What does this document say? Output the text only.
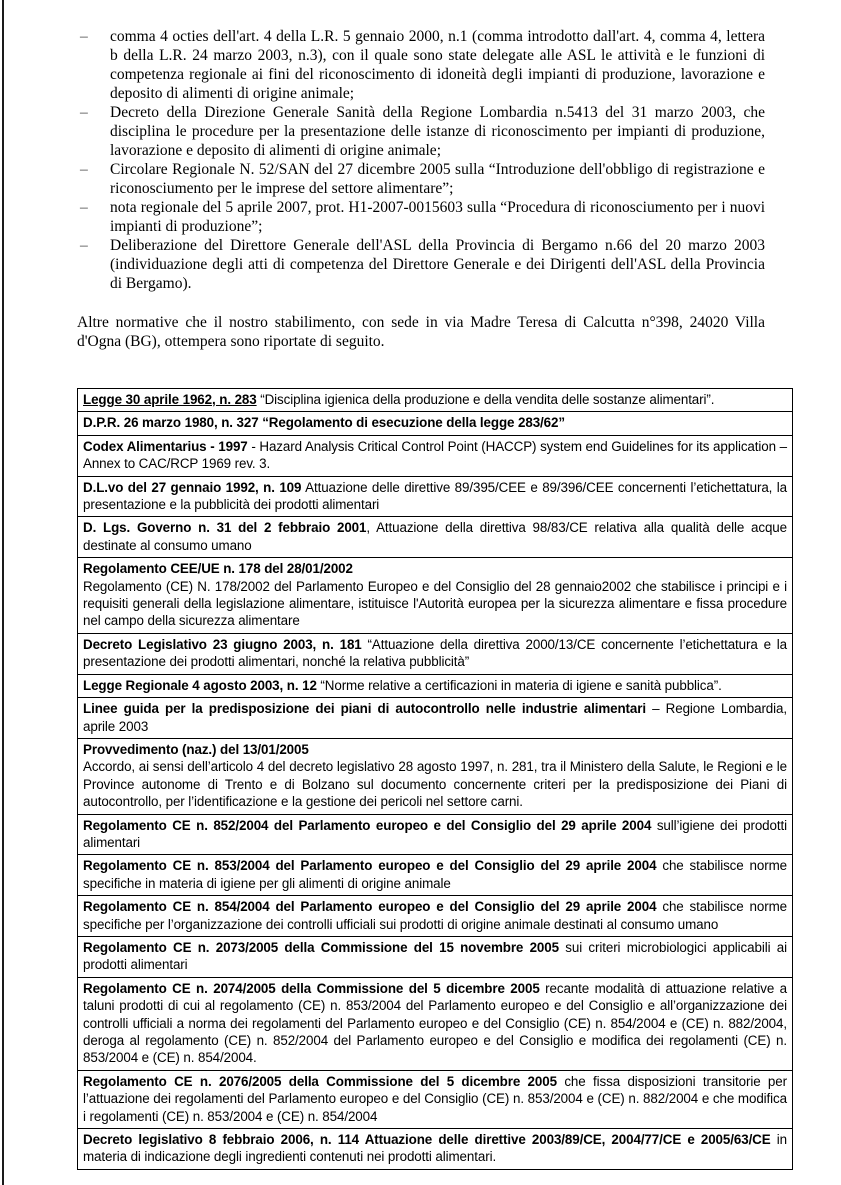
– comma 4 octies dell'art. 4 della L.R. 5 gennaio 2000, n.1 (comma introdotto dall'art. 4, comma 4, lettera b della L.R. 24 marzo 2003, n.3), con il quale sono state delegate alle ASL le attività e le funzioni di competenza regionale ai fini del riconoscimento di idoneità degli impianti di produzione, lavorazione e deposito di alimenti di origine animale;
– Decreto della Direzione Generale Sanità della Regione Lombardia n.5413 del 31 marzo 2003, che disciplina le procedure per la presentazione delle istanze di riconoscimento per impianti di produzione, lavorazione e deposito di alimenti di origine animale;
– Circolare Regionale N. 52/SAN del 27 dicembre 2005 sulla “Introduzione dell'obbligo di registrazione e riconosciumento per le imprese del settore alimentare”;
– nota regionale del 5 aprile 2007, prot. H1-2007-0015603 sulla “Procedura di riconosciumento per i nuovi impianti di produzione”;
– Deliberazione del Direttore Generale dell'ASL della Provincia di Bergamo n.66 del 20 marzo 2003 (individuazione degli atti di competenza del Direttore Generale e dei Dirigenti dell'ASL della Provincia di Bergamo).
Altre normative che il nostro stabilimento, con sede in via Madre Teresa di Calcutta n°398, 24020 Villa d'Ogna (BG), ottempera sono riportate di seguito.
Legge 30 aprile 1962, n. 283 “Disciplina igienica della produzione e della vendita delle sostanze alimentari”.
D.P.R. 26 marzo 1980, n. 327 “Regolamento di esecuzione della legge 283/62”
Codex Alimentarius - 1997 - Hazard Analysis Critical Control Point (HACCP) system end Guidelines for its application – Annex to CAC/RCP 1969 rev. 3.
D.L.vo del 27 gennaio 1992, n. 109 Attuazione delle direttive 89/395/CEE e 89/396/CEE concernenti l’etichettatura, la presentazione e la pubblicità dei prodotti alimentari
D. Lgs. Governo n. 31 del 2 febbraio 2001, Attuazione della direttiva 98/83/CE relativa alla qualità delle acque destinate al consumo umano

Regolamento CEE/UE n. 178 del 28/01/2002
Regolamento (CE) N. 178/2002 del Parlamento Europeo e del Consiglio del 28 gennaio2002 che stabilisce i principi e i requisiti generali della legislazione alimentare, istituisce l'Autorità europea per la sicurezza alimentare e fissa procedure nel campo della sicurezza alimentare
Decreto Legislativo 23 giugno 2003, n. 181 “Attuazione della direttiva 2000/13/CE concernente l’etichettatura e la presentazione dei prodotti alimentari, nonché la relativa pubblicità”
Legge Regionale 4 agosto 2003, n. 12 “Norme relative a certificazioni in materia di igiene e sanità pubblica”.
Linee guida per la predisposizione dei piani di autocontrollo nelle industrie alimentari – Regione Lombardia, aprile 2003

Provvedimento (naz.) del 13/01/2005
Accordo, ai sensi dell’articolo 4 del decreto legislativo 28 agosto 1997, n. 281, tra il Ministero della Salute, le Regioni e le Province autonome di Trento e di Bolzano sul documento concernente criteri per la predisposizione dei Piani di autocontrollo, per l’identificazione e la gestione dei pericoli nel settore carni.
Regolamento CE n. 852/2004 del Parlamento europeo e del Consiglio del 29 aprile 2004 sull’igiene dei prodotti alimentari
Regolamento CE n. 853/2004 del Parlamento europeo e del Consiglio del 29 aprile 2004 che stabilisce norme specifiche in materia di igiene per gli alimenti di origine animale
Regolamento CE n. 854/2004 del Parlamento europeo e del Consiglio del 29 aprile 2004 che stabilisce norme specifiche per l’organizzazione dei controlli ufficiali sui prodotti di origine animale destinati al consumo umano
Regolamento CE n. 2073/2005 della Commissione del 15 novembre 2005 sui criteri microbiologici applicabili ai prodotti alimentari
Regolamento CE n. 2074/2005 della Commissione del 5 dicembre 2005 recante modalità di attuazione relative a taluni prodotti di cui al regolamento (CE) n. 853/2004 del Parlamento europeo e del Consiglio e all’organizzazione dei controlli ufficiali a norma dei regolamenti del Parlamento europeo e del Consiglio (CE) n. 854/2004 e (CE) n. 882/2004, deroga al regolamento (CE) n. 852/2004 del Parlamento europeo e del Consiglio e modifica dei regolamenti (CE) n. 853/2004 e (CE) n. 854/2004.
Regolamento CE n. 2076/2005 della Commissione del 5 dicembre 2005 che fissa disposizioni transitorie per l’attuazione dei regolamenti del Parlamento europeo e del Consiglio (CE) n. 853/2004 e (CE) n. 882/2004 e che modifica i regolamenti (CE) n. 853/2004 e (CE) n. 854/2004
Decreto legislativo 8 febbraio 2006, n. 114 Attuazione delle direttive 2003/89/CE, 2004/77/CE e 2005/63/CE in materia di indicazione degli ingredienti contenuti nei prodotti alimentari.
